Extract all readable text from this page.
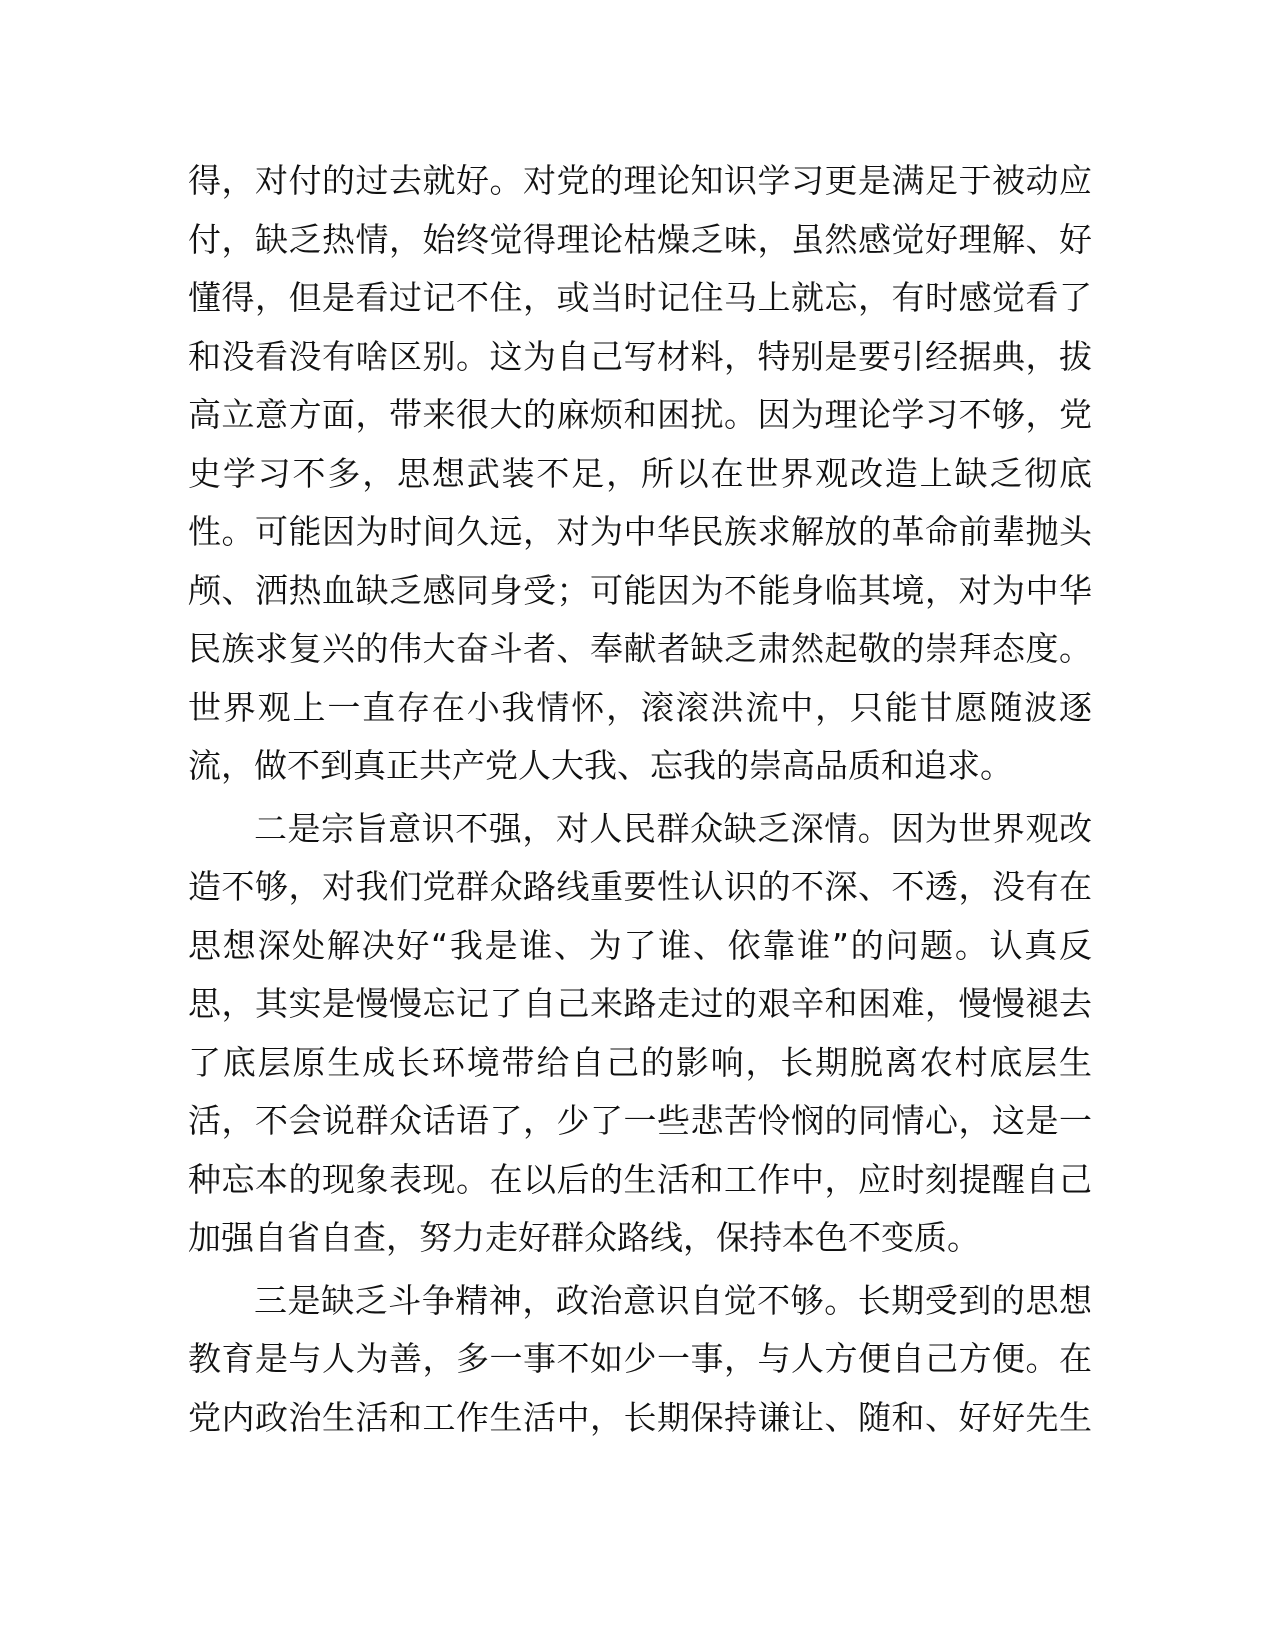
得，对付的过去就好。对党的理论知识学习更是满足于被动应
付，缺乏热情，始终觉得理论枯燥乏味，虽然感觉好理解、好
懂得，但是看过记不住，或当时记住马上就忘，有时感觉看了
和没看没有啥区别。这为自己写材料，特别是要引经据典，拔
高立意方面，带来很大的麻烦和困扰。因为理论学习不够，党
史学习不多，思想武装不足，所以在世界观改造上缺乏彻底
性。可能因为时间久远，对为中华民族求解放的革命前辈抛头
颅、洒热血缺乏感同身受；可能因为不能身临其境，对为中华
民族求复兴的伟大奋斗者、奉献者缺乏肃然起敬的崇拜态度。
世界观上一直存在小我情怀，滚滚洪流中，只能甘愿随波逐
流，做不到真正共产党人大我、忘我的崇高品质和追求。
二是宗旨意识不强，对人民群众缺乏深情。因为世界观改
造不够，对我们党群众路线重要性认识的不深、不透，没有在
思想深处解决好“我是谁、为了谁、依靠谁”的问题。认真反
思，其实是慢慢忘记了自己来路走过的艰辛和困难，慢慢褪去
了底层原生成长环境带给自己的影响，长期脱离农村底层生
活，不会说群众话语了，少了一些悲苦怜悯的同情心，这是一
种忘本的现象表现。在以后的生活和工作中，应时刻提醒自己
加强自省自查，努力走好群众路线，保持本色不变质。
三是缺乏斗争精神，政治意识自觉不够。长期受到的思想
教育是与人为善，多一事不如少一事，与人方便自己方便。在
党内政治生活和工作生活中，长期保持谦让、随和、好好先生
